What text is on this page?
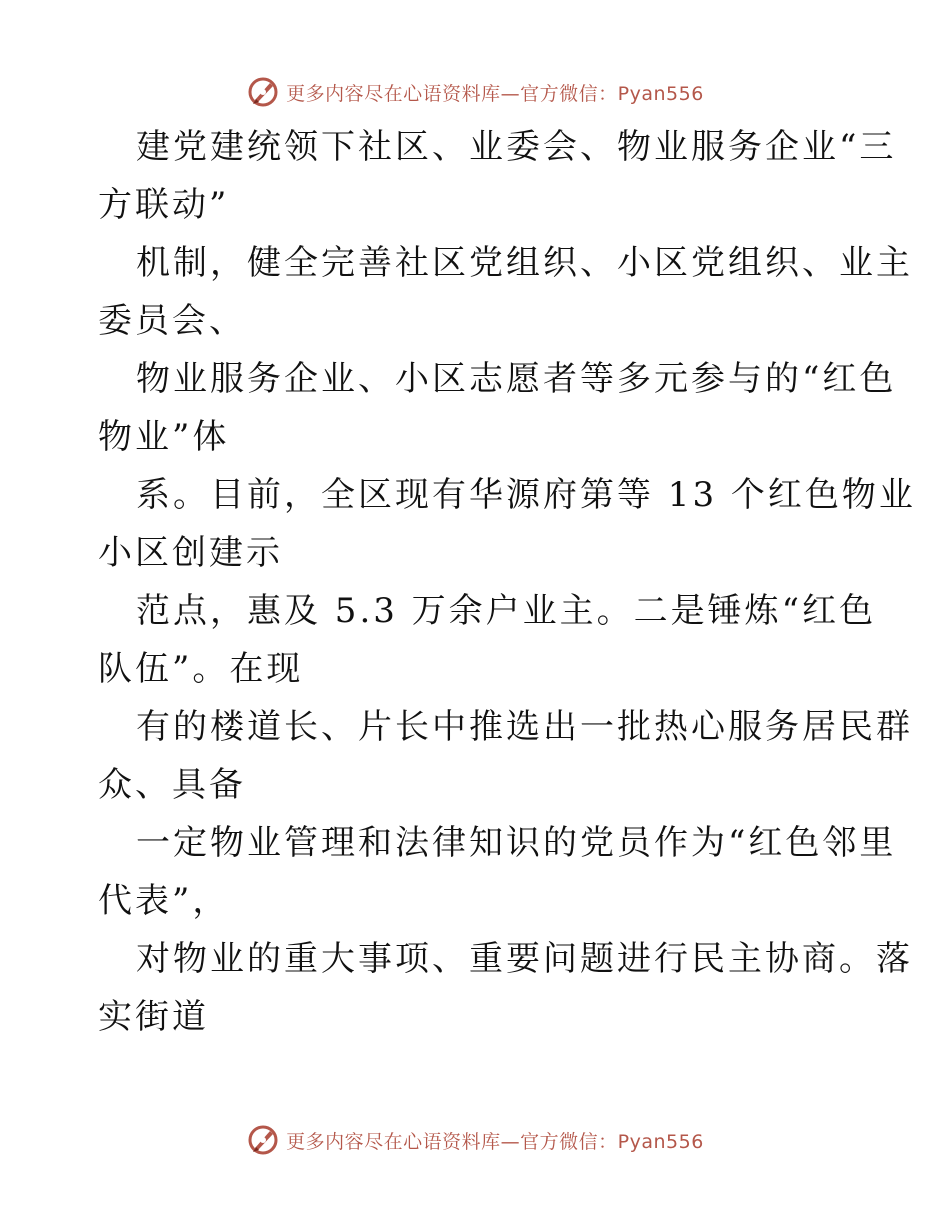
更多内容尽在心语资料库—官方微信：Pyan556
建党建统领下社区、业委会、物业服务企业“三
方联动”
机制，健全完善社区党组织、小区党组织、业主
委员会、
物业服务企业、小区志愿者等多元参与的“红色
物业”体
系。目前，全区现有华源府第等 13 个红色物业
小区创建示
范点，惠及 5.3 万余户业主。二是锤炼“红色
队伍”。在现
有的楼道长、片长中推选出一批热心服务居民群
众、具备
一定物业管理和法律知识的党员作为“红色邻里
代表”，
对物业的重大事项、重要问题进行民主协商。落
实街道
更多内容尽在心语资料库—官方微信：Pyan556
